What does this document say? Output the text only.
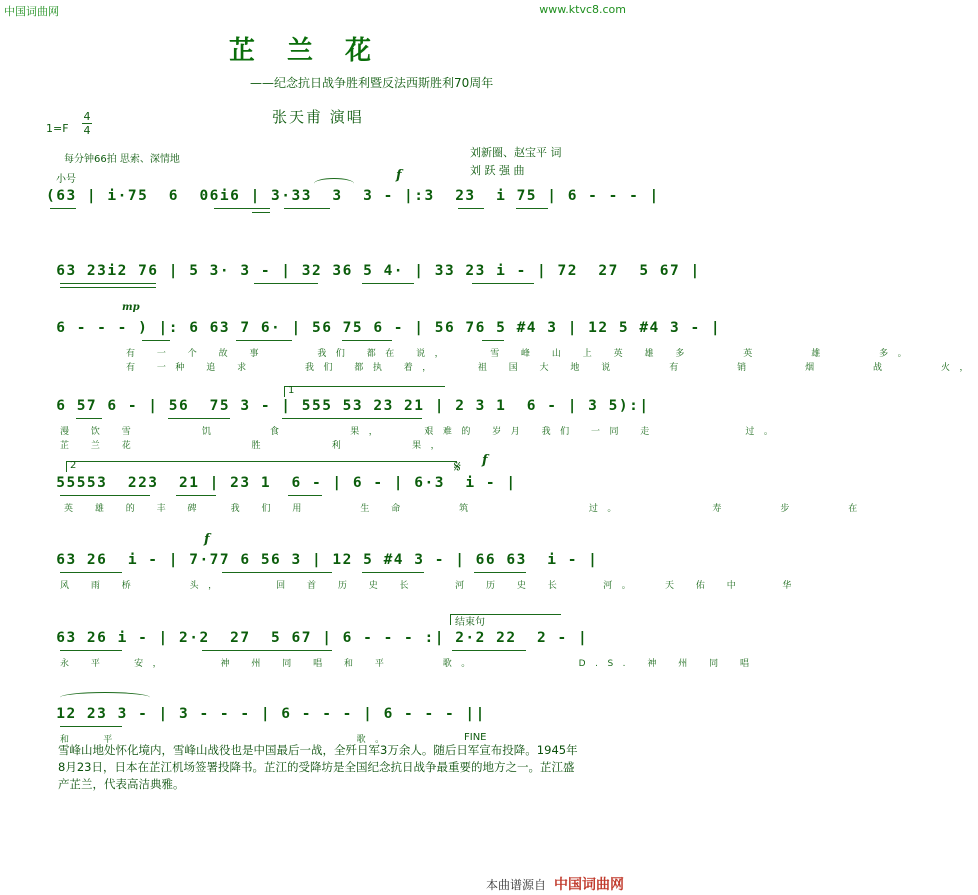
中国词曲网	www.ktvc8.com
芷兰花
——纪念抗日战争胜利暨反法西斯胜利70周年
张天甫 演唱
1=F
4
4
每分钟66拍 思索、深情地
小号
刘新圈、赵宝平 词
刘 跃 强 曲
f
(63 | i·75  6  06i6 | 3·33  3  3 - |:3  23  i 75 | 6 - - - |
63 23i2 76 | 5 3· 3 - | 32 36 5 4· | 33 23 i - | 72  27  5 67 |
mp
6 - - - ) |: 6 63 7 6· | 56 75 6 - | 56 76 5 #4 3 | 12 5 #4 3 - |
有 一 个 故 事    我们 都在 说，   雪 峰 山 上 英 雄 多    英    雄    多。
有 一种 追 求    我们 都执 着，   祖 国 大 地 说    有    销    烟    战    火，
1
6 57 6 - | 56  75 3 - | 555 53 23 21 | 2 3 1  6 - | 3 5):|
漫 饮 雪     饥    食     果，   艰难的 岁月 我们 一同 走       过。
芷 兰 花         胜     利     果，
2	𝄋 f
55553  223  21 | 23 1  6 - | 6 - | 6·3  i - |
英 雄 的 丰 碑  我 们 用    生 命    筑         过。       寿    步    在
f
63 26  i - | 7·77 6 56 3 | 12 5 #4 3 - | 66 63  i - |
风 雨 桥    头，    回 首 历 史 长   河 历 史 长   河。  天 佑 中   华
结束句
63 26 i - | 2·2  27  5 67 | 6 - - - :| 2·2 22  2 - |
永 平  安，    神 州 同 唱 和 平    歌。        D.S. 神 州 同 唱
12 23 3 - | 3 - - - | 6 - - - | 6 - - - ||
和  平                   歌。	FINE
雪峰山地处怀化境内，雪峰山战役也是中国最后一战，全歼日军3万余人。随后日军宣布投降。1945年8月23日，日本在芷江机场签署投降书。芷江的受降坊是全国纪念抗日战争最重要的地方之一。芷江盛产芷兰，代表高洁典雅。
本曲谱源自 中国词曲网
